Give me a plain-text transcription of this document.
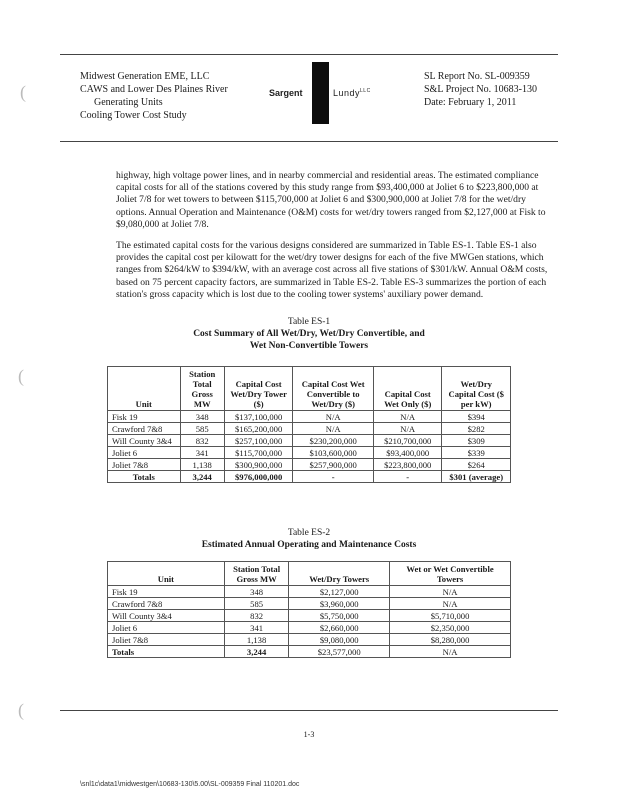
Midwest Generation EME, LLC
CAWS and Lower Des Plaines River
Generating Units
Cooling Tower Cost Study
Sargent	Lundy$^{LLC}$
SL Report No. SL-009359
S&L Project No. 10683-130
Date: February 1, 2011
highway, high voltage power lines, and in nearby commercial and residential areas. The estimated compliance capital costs for all of the stations covered by this study range from $93,400,000 at Joliet 6 to $223,800,000 at Joliet 7/8 for wet towers to between $115,700,000 at Joliet 6 and $300,900,000 at Joliet 7/8 for the wet/dry options. Annual Operation and Maintenance (O&M) costs for wet/dry towers ranged from $2,127,000 at Fisk to $9,080,000 at Joliet 7/8.
The estimated capital costs for the various designs considered are summarized in Table ES-1. Table ES-1 also provides the capital cost per kilowatt for the wet/dry tower designs for each of the five MWGen stations, which ranges from $264/kW to $394/kW, with an average cost across all five stations of $301/kW. Annual O&M costs, based on 75 percent capacity factors, are summarized in Table ES-2. Table ES-3 summarizes the portion of each station's gross capacity which is lost due to the cooling tower systems' auxiliary power demand.
Table ES-1
Cost Summary of All Wet/Dry, Wet/Dry Convertible, and
Wet Non-Convertible Towers
Unit	Station Total Gross MW	Capital Cost Wet/Dry Tower ($)	Capital Cost Wet Convertible to Wet/Dry ($)	Capital Cost Wet Only ($)	Wet/Dry Capital Cost ($ per kW)
Fisk 19	348	$137,100,000	N/A	N/A	$394
Crawford 7&8	585	$165,200,000	N/A	N/A	$282
Will County 3&4	832	$257,100,000	$230,200,000	$210,700,000	$309
Joliet 6	341	$115,700,000	$103,600,000	$93,400,000	$339
Joliet 7&8	1,138	$300,900,000	$257,900,000	$223,800,000	$264
Totals	3,244	$976,000,000	-	-	$301 (average)
Table ES-2
Estimated Annual Operating and Maintenance Costs
Unit	Station Total Gross MW	Wet/Dry Towers	Wet or Wet Convertible Towers
Fisk 19	348	$2,127,000	N/A
Crawford 7&8	585	$3,960,000	N/A
Will County 3&4	832	$5,750,000	$5,710,000
Joliet 6	341	$2,660,000	$2,350,000
Joliet 7&8	1,138	$9,080,000	$8,280,000
Totals	3,244	$23,577,000	N/A
1-3
\snl1c\data1\midwestgen\10683-130\5.00\SL-009359 Final 110201.doc
(
(
(
